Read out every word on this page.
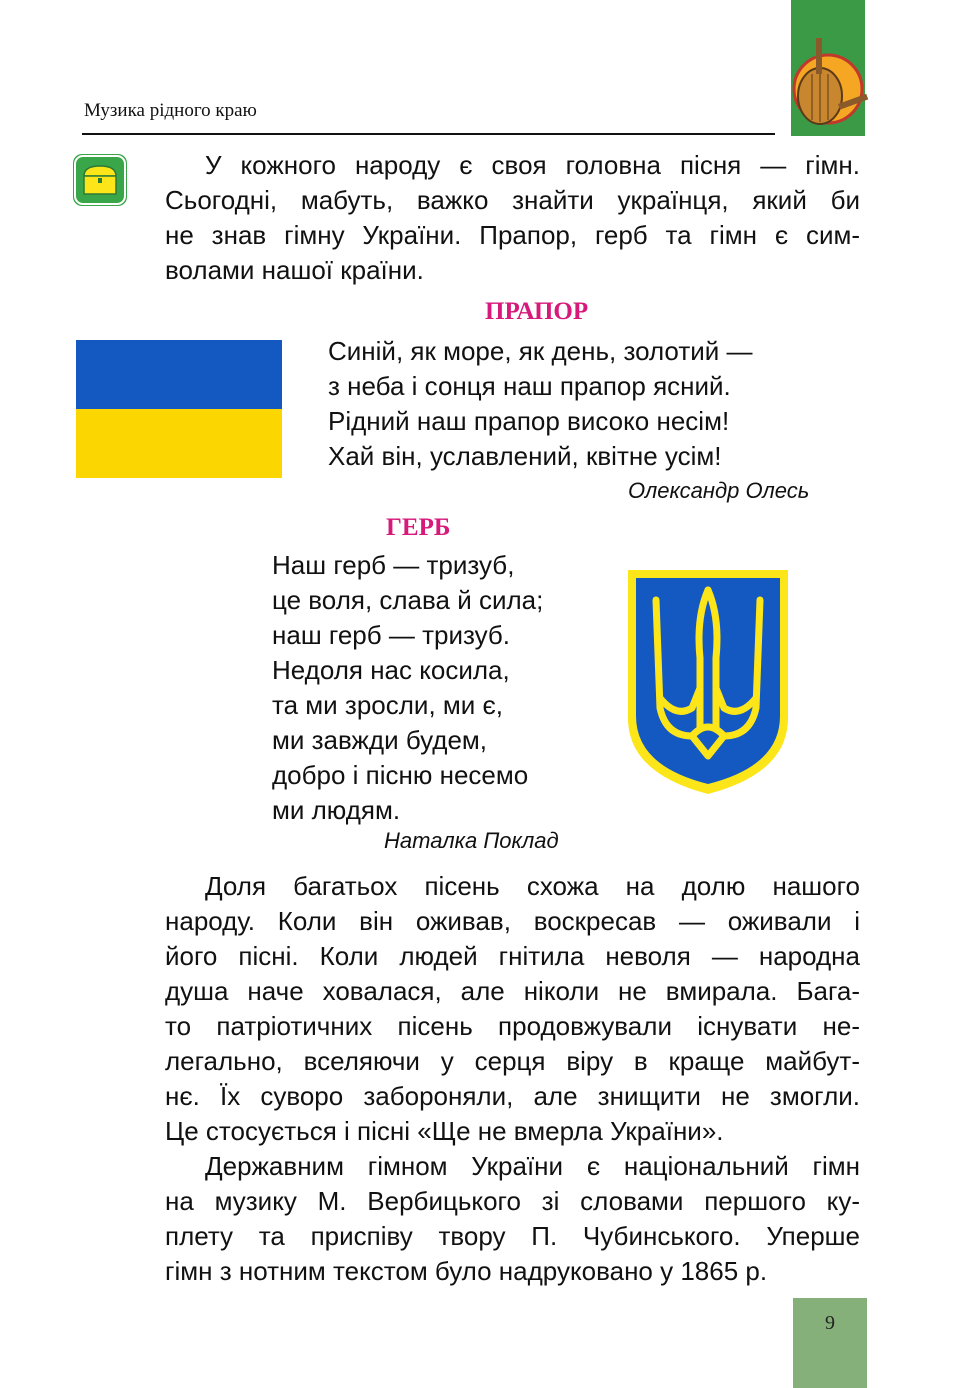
Музика рідного краю
У кожного народу є своя головна пісня — гімн.
Сьогодні, мабуть, важко знайти українця, який би
не знав гімну України. Прапор, герб та гімн є сим-
волами нашої країни.
ПРАПОР
Синій, як море, як день, золотий —
з неба і сонця наш прапор ясний.
Рідний наш прапор високо несім!
Хай він, уславлений, квітне усім!
Олександр Олесь
ГЕРБ
Наш герб — тризуб,
це воля, слава й сила;
наш герб — тризуб.
Недоля нас косила,
та ми зросли, ми є,
ми завжди будем,
добро і пісню несемо
ми людям.
Наталка Поклад
Доля багатьох пісень схожа на долю нашого
народу. Коли він оживав, воскресав — оживали і
його пісні. Коли людей гнітила неволя — народна
душа наче ховалася, але ніколи не вмирала. Бага-
то патріотичних пісень продовжували існувати не-
легально, вселяючи у серця віру в краще майбут-
нє. Їх суворо забороняли, але знищити не змогли.
Це стосується і пісні «Ще не вмерла України».
Державним гімном України є національний гімн
на музику М. Вербицького зі словами першого ку-
плету та приспіву твору П. Чубинського. Уперше
гімн з нотним текстом було надруковано у 1865 р.
9
